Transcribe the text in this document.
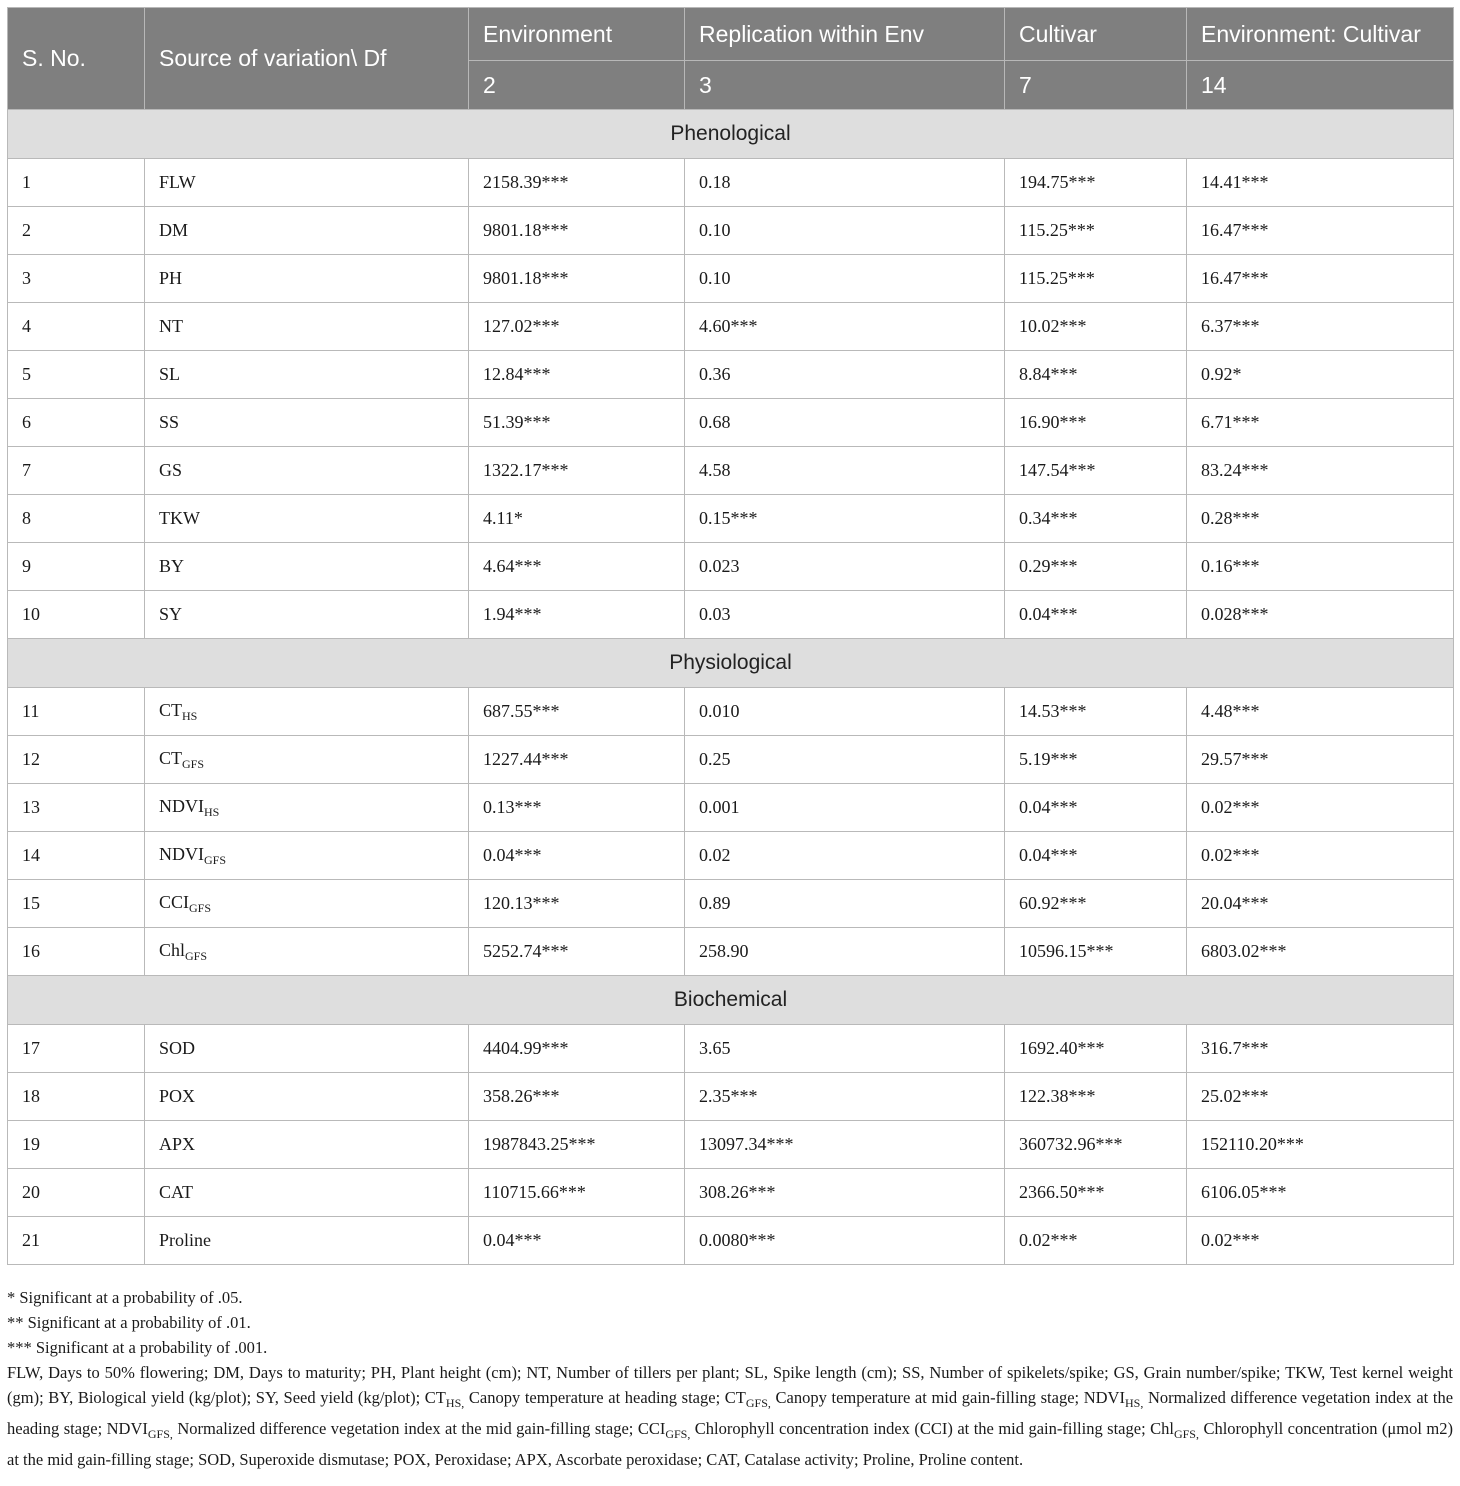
S. No.	Source of variation\ Df	Environment	Replication within Env	Cultivar	Environment: Cultivar
		2	3	7	14
Phenological					
1	FLW	2158.39***	0.18	194.75***	14.41***
2	DM	9801.18***	0.10	115.25***	16.47***
3	PH	9801.18***	0.10	115.25***	16.47***
4	NT	127.02***	4.60***	10.02***	6.37***
5	SL	12.84***	0.36	8.84***	0.92*
6	SS	51.39***	0.68	16.90***	6.71***
7	GS	1322.17***	4.58	147.54***	83.24***
8	TKW	4.11*	0.15***	0.34***	0.28***
9	BY	4.64***	0.023	0.29***	0.16***
10	SY	1.94***	0.03	0.04***	0.028***
Physiological					
11	$CT_{HS}$	687.55***	0.010	14.53***	4.48***
12	$CT_{GFS}$	1227.44***	0.25	5.19***	29.57***
13	$NDVI_{HS}$	0.13***	0.001	0.04***	0.02***
14	$NDVI_{GFS}$	0.04***	0.02	0.04***	0.02***
15	$CCI_{GFS}$	120.13***	0.89	60.92***	20.04***
16	Chl$_{GFS}$	5252.74***	258.90	10596.15***	6803.02***
Biochemical					
17	SOD	4404.99***	3.65	1692.40***	316.7***
18	POX	358.26***	2.35***	122.38***	25.02***
19	APX	1987843.25***	13097.34***	360732.96***	152110.20***
20	CAT	110715.66***	308.26***	2366.50***	6106.05***
21	Proline	0.04***	0.0080***	0.02***	0.02***

* Significant at a probability of .05.

** Significant at a probability of .01.

*** Significant at a probability of .001.

FLW, Days to 50% flowering; DM, Days to maturity; PH, Plant height (cm); NT, Number of tillers per plant; SL, Spike length (cm); SS, Number of spikelets/spike; GS, Grain number/spike; TKW, Test kernel weight (gm); BY, Biological yield (kg/plot); SY, Seed yield (kg/plot); $CT_{HS,}$ Canopy temperature at heading stage; $CT_{GFS,}$ Canopy temperature at mid gain-filling stage; $NDVI_{HS,}$ Normalized difference vegetation index at the heading stage; $NDVI_{GFS,}$ Normalized difference vegetation index at the mid gain-filling stage; $CCI_{GFS,}$ Chlorophyll concentration index (CCI) at the mid gain-filling stage; Chl$_{GFS,}$ Chlorophyll concentration (μmol m2) at the mid gain-filling stage; SOD, Superoxide dismutase; POX, Peroxidase; APX, Ascorbate peroxidase; CAT, Catalase activity; Proline, Proline content.
